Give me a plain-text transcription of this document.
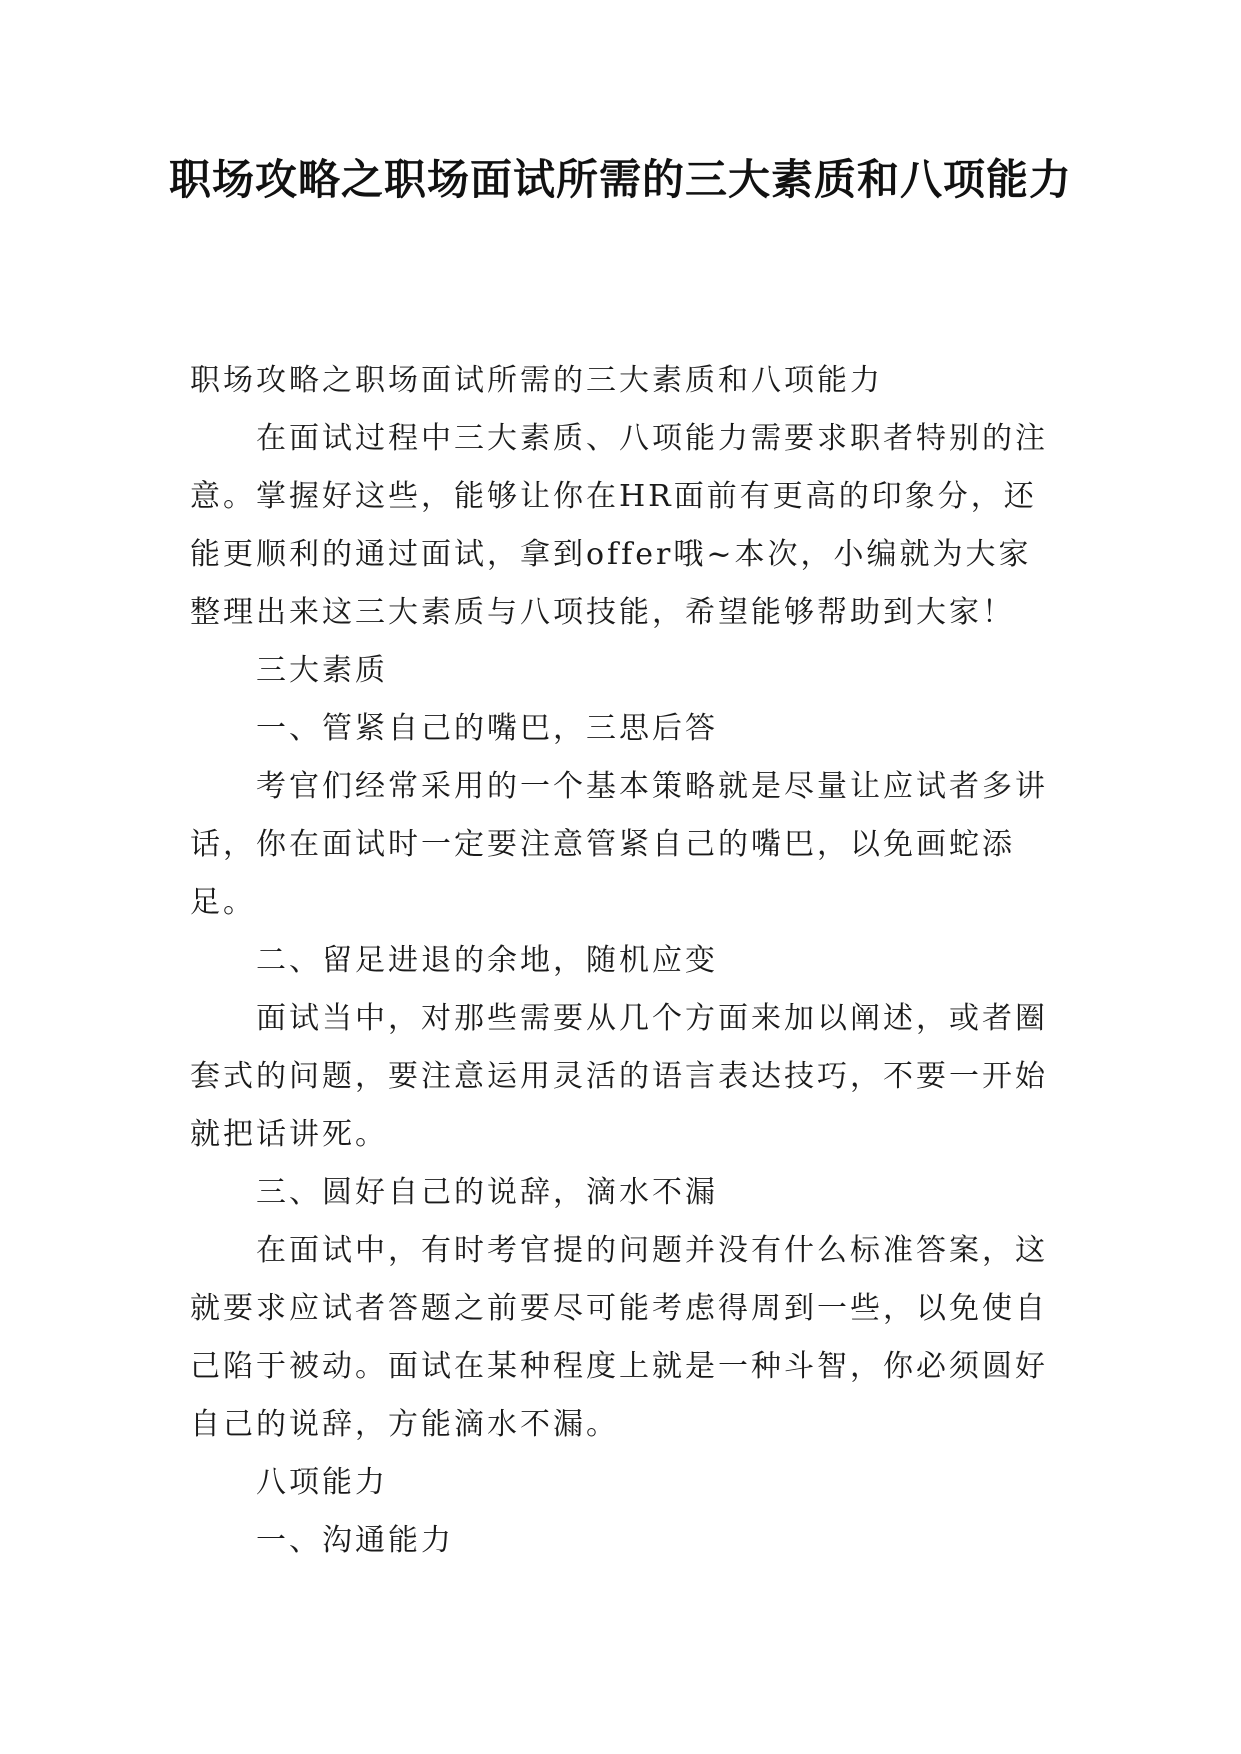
职场攻略之职场面试所需的三大素质和八项能力

职场攻略之职场面试所需的三大素质和八项能力

在面试过程中三大素质、八项能力需要求职者特别的注意。掌握好这些，能够让你在HR面前有更高的印象分，还能更顺利的通过面试，拿到offer哦~本次，小编就为大家整理出来这三大素质与八项技能，希望能够帮助到大家！

三大素质

一、管紧自己的嘴巴，三思后答

考官们经常采用的一个基本策略就是尽量让应试者多讲话，你在面试时一定要注意管紧自己的嘴巴，以免画蛇添足。

二、留足进退的余地，随机应变

面试当中，对那些需要从几个方面来加以阐述，或者圈套式的问题，要注意运用灵活的语言表达技巧，不要一开始就把话讲死。

三、圆好自己的说辞，滴水不漏

在面试中，有时考官提的问题并没有什么标准答案，这就要求应试者答题之前要尽可能考虑得周到一些，以免使自己陷于被动。面试在某种程度上就是一种斗智，你必须圆好自己的说辞，方能滴水不漏。

八项能力

一、沟通能力
